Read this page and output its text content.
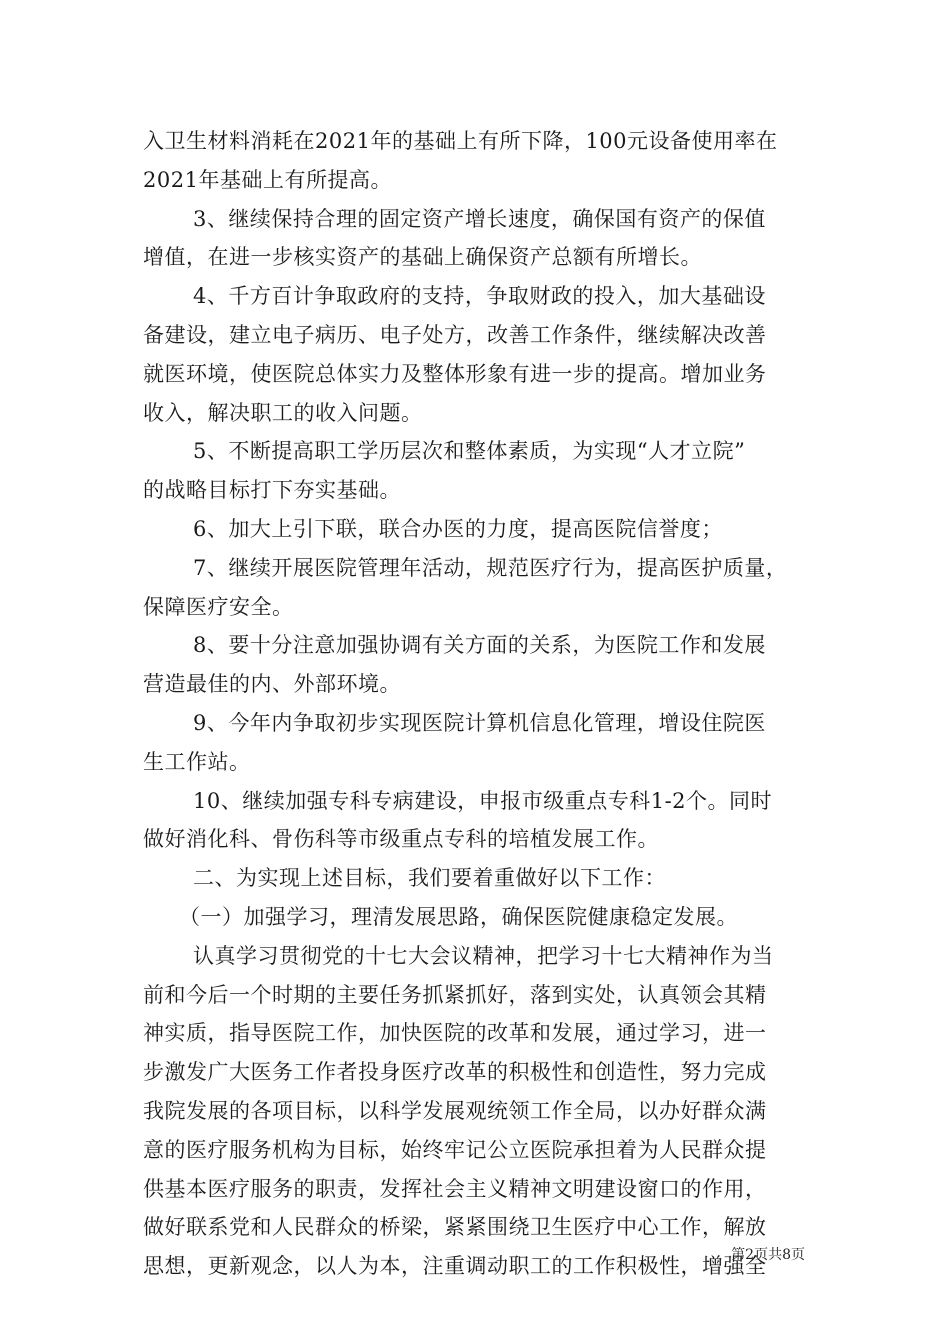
入卫生材料消耗在2021年的基础上有所下降，100元设备使用率在
2021年基础上有所提高。
3、继续保持合理的固定资产增长速度，确保国有资产的保值
增值，在进一步核实资产的基础上确保资产总额有所增长。
4、千方百计争取政府的支持，争取财政的投入，加大基础设
备建设，建立电子病历、电子处方，改善工作条件，继续解决改善
就医环境，使医院总体实力及整体形象有进一步的提高。增加业务
收入，解决职工的收入问题。
5、不断提高职工学历层次和整体素质，为实现“人才立院”
的战略目标打下夯实基础。
6、加大上引下联，联合办医的力度，提高医院信誉度；
7、继续开展医院管理年活动，规范医疗行为，提高医护质量，
保障医疗安全。
8、要十分注意加强协调有关方面的关系，为医院工作和发展
营造最佳的内、外部环境。
9、今年内争取初步实现医院计算机信息化管理，增设住院医
生工作站。
10、继续加强专科专病建设，申报市级重点专科1-2个。同时
做好消化科、骨伤科等市级重点专科的培植发展工作。
二、为实现上述目标，我们要着重做好以下工作：
（一）加强学习，理清发展思路，确保医院健康稳定发展。
认真学习贯彻党的十七大会议精神，把学习十七大精神作为当
前和今后一个时期的主要任务抓紧抓好，落到实处，认真领会其精
神实质，指导医院工作，加快医院的改革和发展，通过学习，进一
步激发广大医务工作者投身医疗改革的积极性和创造性，努力完成
我院发展的各项目标，以科学发展观统领工作全局，以办好群众满
意的医疗服务机构为目标，始终牢记公立医院承担着为人民群众提
供基本医疗服务的职责，发挥社会主义精神文明建设窗口的作用，
做好联系党和人民群众的桥梁，紧紧围绕卫生医疗中心工作，解放
思想，更新观念，以人为本，注重调动职工的工作积极性，增强全
第2页共8页
